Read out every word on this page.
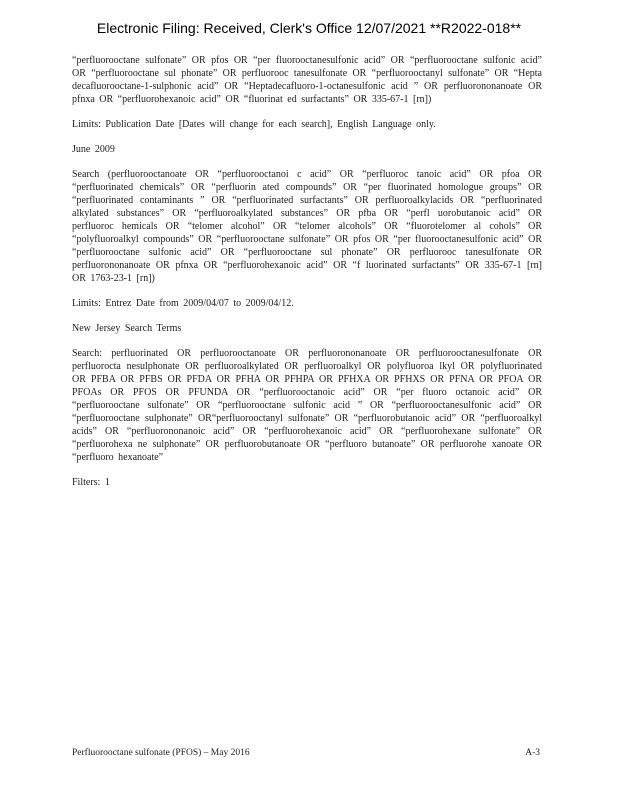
Electronic Filing: Received, Clerk's Office 12/07/2021 **R2022-018**

“perfluorooctane sulfonate” OR pfos OR “per fluorooctanesulfonic acid” OR “perfluorooctane sulfonic acid” OR “perfluorooctane sul phonate” OR perfluorooc tanesulfonate OR “perfluorooctanyl sulfonate” OR “Hepta decafluorooctane-1-sulphonic acid” OR “Heptadecafluoro-1-octanesulfonic acid ” OR perfluorononanoate OR pfnxa OR “perfluorohexanoic acid” OR “fluorinat ed surfactants” OR 335-67-1 [rn])

Limits: Publication Date [Dates will change for each search], English Language only.

June 2009

Search (perfluorooctanoate OR “perfluorooctanoi c acid” OR “perfluoroc tanoic acid” OR pfoa OR “perfluorinated chemicals” OR “perfluorin ated compounds” OR “per fluorinated homologue groups” OR “perfluorinated contaminants ” OR “perfluorinated surfactants” OR perfluoroalkylacids OR “perfluorinated alkylated substances” OR “perfluoroalkylated substances” OR pfba OR “perfl uorobutanoic acid” OR perfluoroc hemicals OR “telomer alcohol” OR “telomer alcohols” OR “fluorotelomer al cohols” OR “polyfluoroalkyl compounds” OR “perfluorooctane sulfonate” OR pfos OR “per fluorooctanesulfonic acid” OR “perfluorooctane sulfonic acid” OR “perfluorooctane sul phonate” OR perfluorooc tanesulfonate OR perfluorononanoate OR pfnxa OR “perfluorohexanoic acid” OR “f luorinated surfactants” OR 335-67-1 [rn] OR 1763-23-1 [rn])

Limits: Entrez Date from 2009/04/07 to 2009/04/12.

New Jersey Search Terms

Search: perfluorinated OR perfluorooctanoate OR perfluorononanoate OR perfluorooctanesulfonate OR perfluorocta nesulphonate OR perfluoroalkylated OR perfluoroalkyl OR polyfluoroa lkyl OR polyfluorinated OR PFBA OR PFBS OR PFDA OR PFHA OR PFHPA OR PFHXA OR PFHXS OR PFNA OR PFOA OR PFOAs OR PFOS OR PFUNDA OR “perfluorooctanoic acid” OR “per fluoro octanoic acid” OR “perfluorooctane sulfonate” OR “perfluorooctane sulfonic acid ” OR “perfluorooctanesulfonic acid” OR “perfluorooctane sulphonate” OR“perfluorooctanyl sulfonate” OR “perfluorobutanoic acid” OR “perfluoroalkyl acids” OR “perfluorononanoic acid” OR “perfluorohexanoic acid” OR “perfluorohexane sulfonate” OR “perfluorohexa ne sulphonate” OR perfluorobutanoate OR “perfluoro butanoate” OR perfluorohe xanoate OR “perfluoro hexanoate”

Filters: 1

Perfluorooctane sulfonate (PFOS) – May 2016	A-3
